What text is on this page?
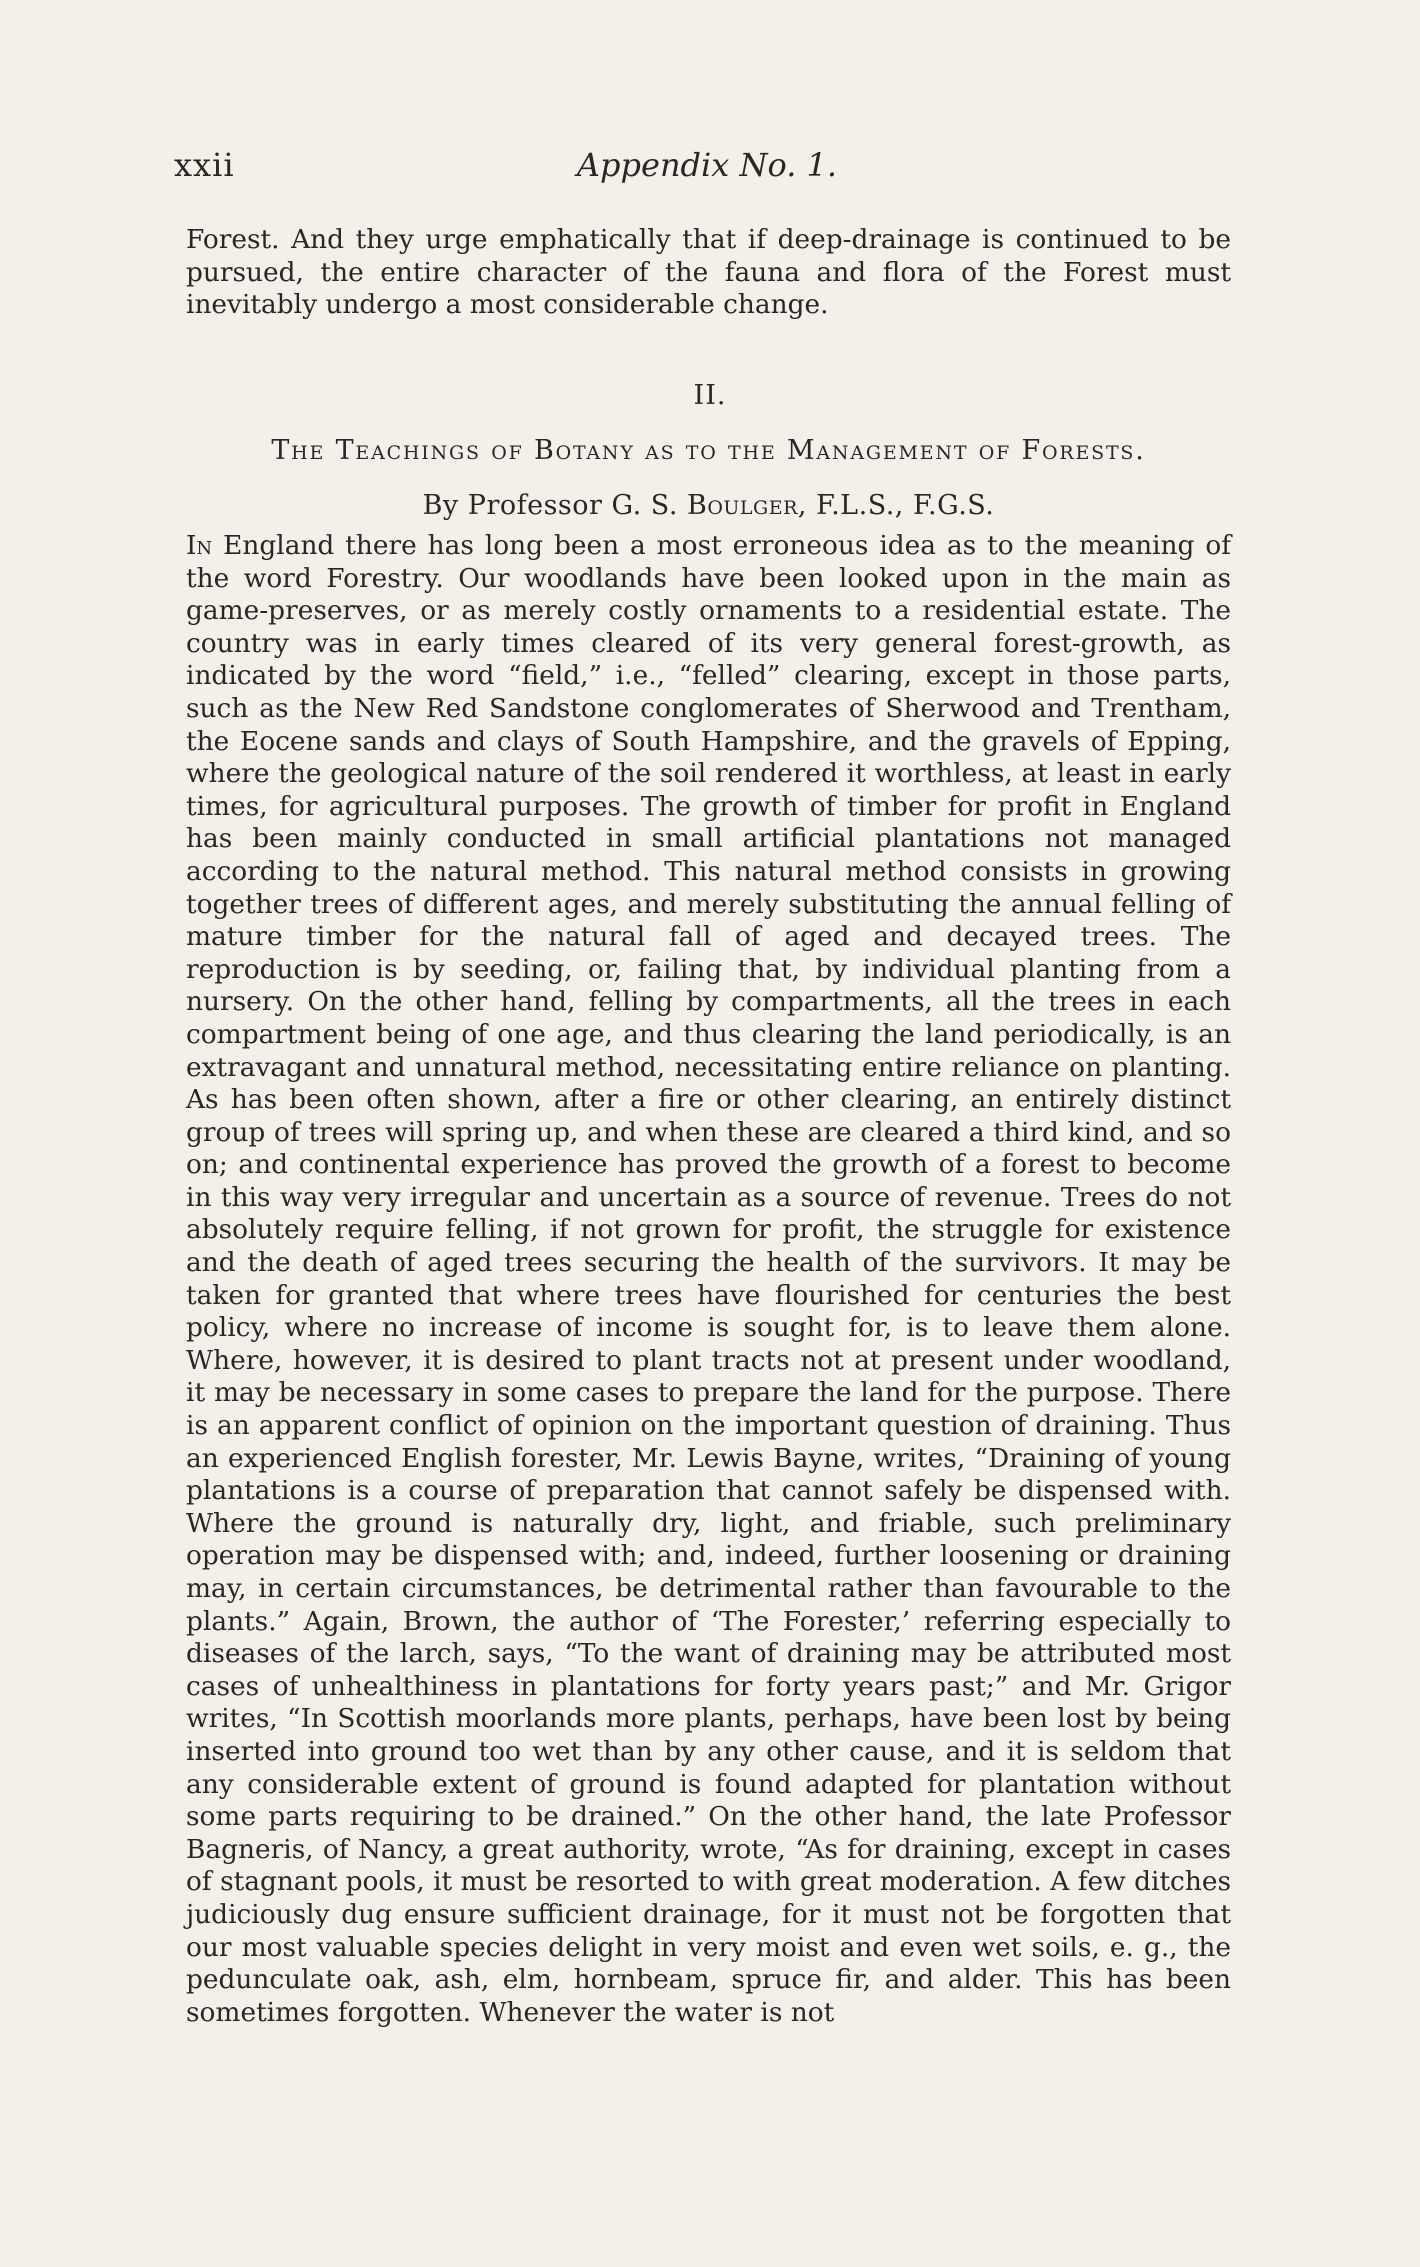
xxii	Appendix No. 1.

Forest. And they urge emphatically that if deep-drainage is continued to be pursued, the entire character of the fauna and flora of the Forest must inevitably undergo a most considerable change.

II.
The Teachings of Botany as to the Management of Forests.
By Professor G. S. Boulger, F.L.S., F.G.S.

In England there has long been a most erroneous idea as to the meaning of the word Forestry. Our woodlands have been looked upon in the main as game-preserves, or as merely costly ornaments to a residential estate. The country was in early times cleared of its very general forest-growth, as indicated by the word “field,” i.e., “felled” clearing, except in those parts, such as the New Red Sandstone conglomerates of Sherwood and Trentham, the Eocene sands and clays of South Hampshire, and the gravels of Epping, where the geological nature of the soil rendered it worthless, at least in early times, for agricultural purposes. The growth of timber for profit in England has been mainly conducted in small artificial plantations not managed according to the natural method. This natural method consists in growing together trees of different ages, and merely substituting the annual felling of mature timber for the natural fall of aged and decayed trees. The reproduction is by seeding, or, failing that, by individual planting from a nursery. On the other hand, felling by compartments, all the trees in each compartment being of one age, and thus clearing the land periodically, is an extravagant and unnatural method, necessitating entire reliance on planting. As has been often shown, after a fire or other clearing, an entirely distinct group of trees will spring up, and when these are cleared a third kind, and so on; and continental experience has proved the growth of a forest to become in this way very irregular and uncertain as a source of revenue. Trees do not absolutely require felling, if not grown for profit, the struggle for existence and the death of aged trees securing the health of the survivors. It may be taken for granted that where trees have flourished for centuries the best policy, where no increase of income is sought for, is to leave them alone. Where, however, it is desired to plant tracts not at present under woodland, it may be necessary in some cases to prepare the land for the purpose. There is an apparent conflict of opinion on the important question of draining. Thus an experienced English forester, Mr. Lewis Bayne, writes, “Draining of young plantations is a course of preparation that cannot safely be dispensed with. Where the ground is naturally dry, light, and friable, such preliminary operation may be dispensed with; and, indeed, further loosening or draining may, in certain circumstances, be detrimental rather than favourable to the plants.” Again, Brown, the author of ‘The Forester,’ referring especially to diseases of the larch, says, “To the want of draining may be attributed most cases of unhealthiness in plantations for forty years past;” and Mr. Grigor writes, “In Scottish moorlands more plants, perhaps, have been lost by being inserted into ground too wet than by any other cause, and it is seldom that any considerable extent of ground is found adapted for plantation without some parts requiring to be drained.” On the other hand, the late Professor Bagneris, of Nancy, a great authority, wrote, “As for draining, except in cases of stagnant pools, it must be resorted to with great moderation. A few ditches judiciously dug ensure sufficient drainage, for it must not be forgotten that our most valuable species delight in very moist and even wet soils, e. g., the pedunculate oak, ash, elm, hornbeam, spruce fir, and alder. This has been sometimes forgotten. Whenever the water is not
